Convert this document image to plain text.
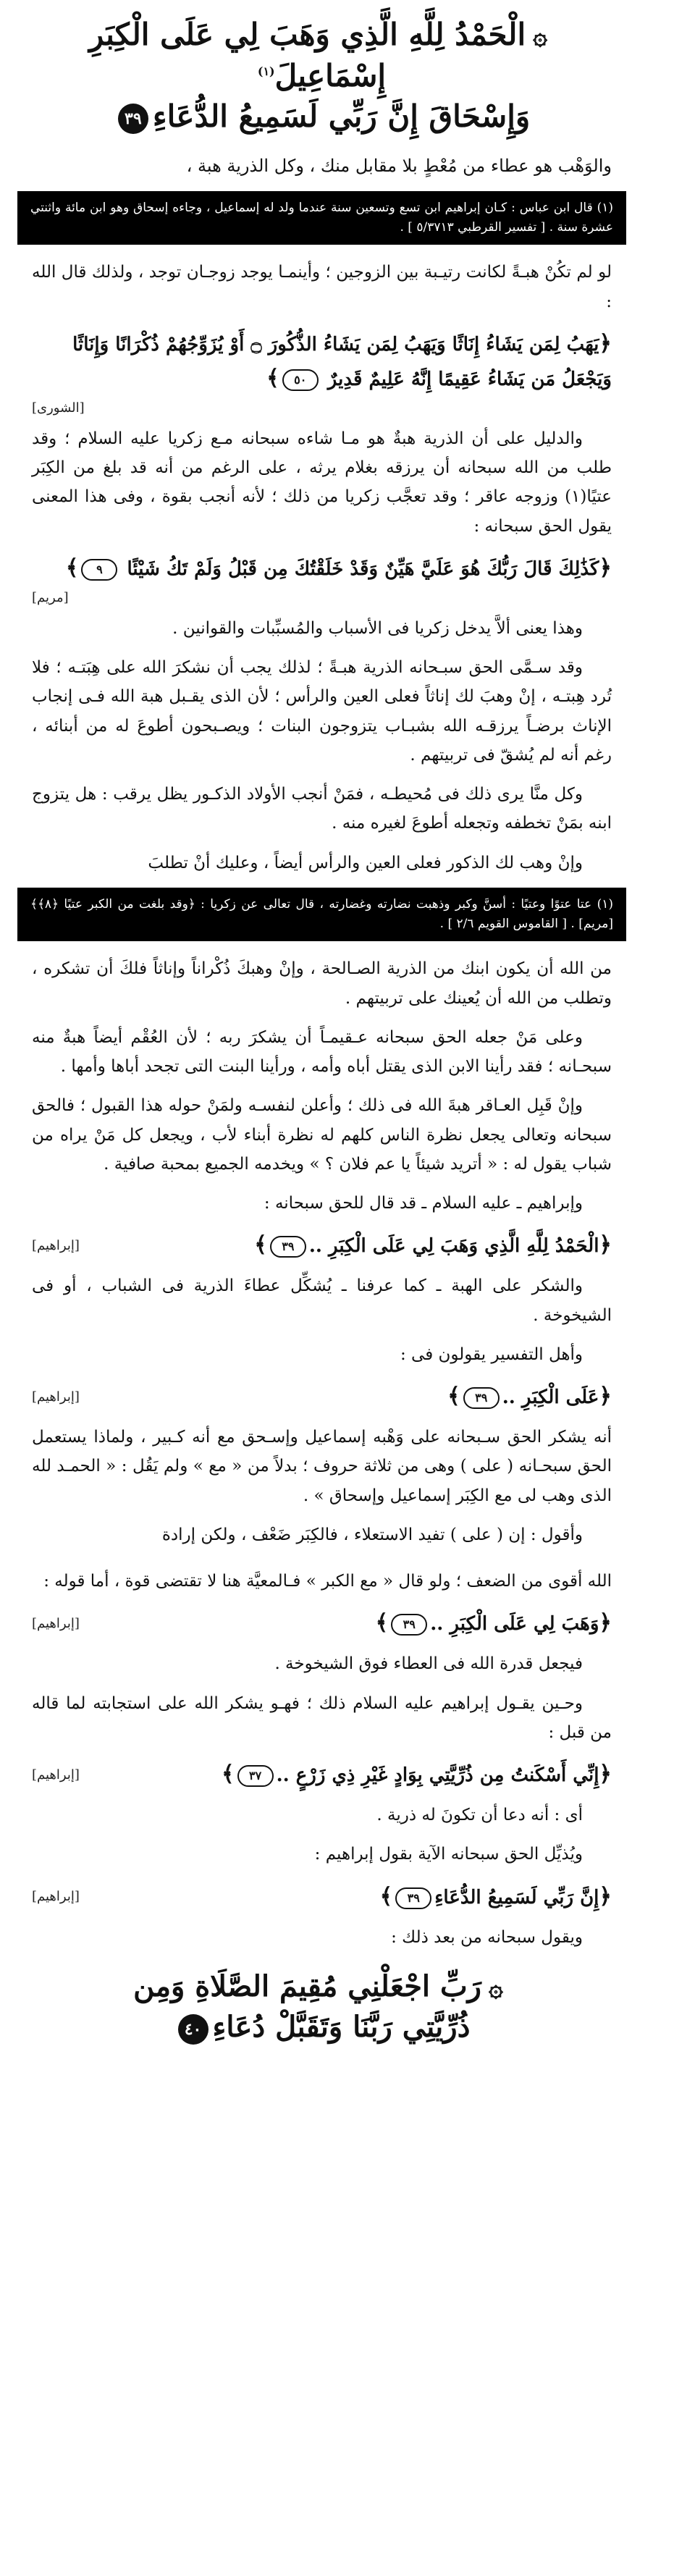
۞الْحَمْدُ لِلَّهِ الَّذِي وَهَبَ لِي عَلَى الْكِبَرِ إِسْمَاعِيلَ$^{(١)}$
وَإِسْحَاقَ إِنَّ رَبِّي لَسَمِيعُ الدُّعَاءِ٣٩

والوَهْب هو عطاء من مُعْطٍ بلا مقابل منك ، وكل الذرية هبة ،

(١) قال ابن عباس : كـان إبراهيم ابن تسع وتسعين سنة عندما ولد له إسماعيل ، وجاءه إسحاق وهو ابن مائة واثنتي عشرة سنة . [ تفسير القرطبي ٥/٣٧١٣ ] .

لو لم تكُنْ هبـةً لكانت رتيـبة بين الزوجين ؛ وأينمـا يوجد زوجـان توجد ، ولذلك قال الله :

﴿يَهَبُ لِمَن يَشَاءُ إِنَاثًا وَيَهَبُ لِمَن يَشَاءُ الذُّكُورَ ۝ أَوْ يُزَوِّجُهُمْ ذُكْرَانًا وَإِنَاثًا وَيَجْعَلُ مَن يَشَاءُ عَقِيمًا إِنَّهُ عَلِيمٌ قَدِيرٌ ٥٠﴾
[الشورى]

والدليل على أن الذرية هبةٌ هو مـا شاءه سبحانه مـع زكريا عليه السلام ؛ وقد طلب من الله سبحانه أن يرزقه بغلام يرثه ، على الرغم من أنه قد بلغ من الكِبَر عتيًا(١) وزوجه عاقر ؛ وقد تعجَّب زكريا من ذلك ؛ لأنه أنجب بقوة ، وفى هذا المعنى يقول الحق سبحانه :

﴿كَذَٰلِكَ قَالَ رَبُّكَ هُوَ عَلَيَّ هَيِّنٌ وَقَدْ خَلَقْتُكَ مِن قَبْلُ وَلَمْ تَكُ شَيْئًا ٩﴾
[مريم]

وهذا يعنى ألاَّ يدخل زكريا فى الأسباب والمُسبِّبات والقوانين .

وقد سـمَّى الحق سبـحانه الذرية هبـةً ؛ لذلك يجب أن نشكرَ الله على هِبَتـه ؛ فلا تُرد هِبتـه ، إنْ وهبَ لك إناثاً فعلى العين والرأس ؛ لأن الذى يقـبل هبة الله فـى إنجاب الإناث برضـاً يرزقـه الله بشبـاب يتزوجون البنات ؛ ويصـبحون أطوعَ له من أبنائه ، رغم أنه لم يُشقّ فى تربيتهم .

وكل منَّا يرى ذلك فى مُحيطـه ، فمَنْ أنجب الأولاد الذكـور يظل يرقب : هل يتزوج ابنه بمَنْ تخطفه وتجعله أطوعَ لغيره منه .

وإنْ وهب لك الذكور فعلى العين والرأس أيضاً ، وعليك أنْ تطلبَ

(١) عتا عتوًا وعتيًا : أسنَّ وكبر وذهبت نضارته وغضارته ، قال تعالى عن زكريا : ﴿وقد بلغت من الكبر عتيًا ﴿٨﴾﴾ [مريم] . [ القاموس القويم ٢/٦ ] .

من الله أن يكون ابنك من الذرية الصـالحة ، وإنْ وهبكَ ذُكْراناً وإناثاً فلكَ أن تشكره ، وتطلب من الله أن يُعينك على تربيتهم .

وعلى مَنْ جعله الحق سبحانه عـقيمـاً أن يشكرَ ربه ؛ لأن العُقْم أيضاً هبةٌ منه سبحـانه ؛ فقد رأينا الابن الذى يقتل أباه وأمه ، ورأينا البنت التى تجحد أباها وأمها .

وإنْ قَبِل العـاقر هبةَ الله فى ذلك ؛ وأعلن لنفسـه ولمَنْ حوله هذا القبول ؛ فالحق سبحانه وتعالى يجعل نظرة الناس كلهم له نظرة أبناء لأب ، ويجعل كل مَنْ يراه من شباب يقول له : « أتريد شيئاً يا عم فلان ؟ » ويخدمه الجميع بمحبة صافية .

وإبراهيم ـ عليه السلام ـ قد قال للحق سبحانه :

﴿الْحَمْدُ لِلَّهِ الَّذِي وَهَبَ لِي عَلَى الْكِبَرِ ..٣٩﴾
[إبراهيم]

والشكر على الهبة ـ كما عرفنا ـ يُشكِّل عطاءَ الذرية فى الشباب ، أو فى الشيخوخة .

وأهل التفسير يقولون فى :

﴿عَلَى الْكِبَرِ ..٣٩﴾
[إبراهيم]

أنه يشكر الحق سـبحانه على وَهْبه إسماعيل وإسـحق مع أنه كـبير ، ولماذا يستعمل الحق سبحـانه ( على ) وهى من ثلاثة حروف ؛ بدلاً من « مع » ولم يَقُل : « الحمـد لله الذى وهب لى مع الكِبَر إسماعيل وإسحاق » .

وأقول : إن ( على ) تفيد الاستعلاء ، فالكِبَر ضَعْف ، ولكن إرادة

الله أقوى من الضعف ؛ ولو قال « مع الكبر » فـالمعيَّة هنا لا تقتضى قوة ، أما قوله :

﴿وَهَبَ لِي عَلَى الْكِبَرِ ..٣٩﴾
[إبراهيم]

فيجعل قدرة الله فى العطاء فوق الشيخوخة .

وحـين يقـول إبراهيم عليه السلام ذلك ؛ فهـو يشكر الله على استجابته لما قاله من قبل :

﴿إِنِّي أَسْكَنتُ مِن ذُرِّيَّتِي بِوَادٍ غَيْرِ ذِي زَرْعٍ ..٣٧﴾
[إبراهيم]

أى : أنه دعا أن تكونَ له ذرية .

ويُذيِّل الحق سبحانه الآية بقول إبراهيم :

﴿إِنَّ رَبِّي لَسَمِيعُ الدُّعَاءِ٣٩﴾
[إبراهيم]

ويقول سبحانه من بعد ذلك :

۞رَبِّ اجْعَلْنِي مُقِيمَ الصَّلَاةِ وَمِن
ذُرِّيَّتِي رَبَّنَا وَتَقَبَّلْ دُعَاءِ٤٠
